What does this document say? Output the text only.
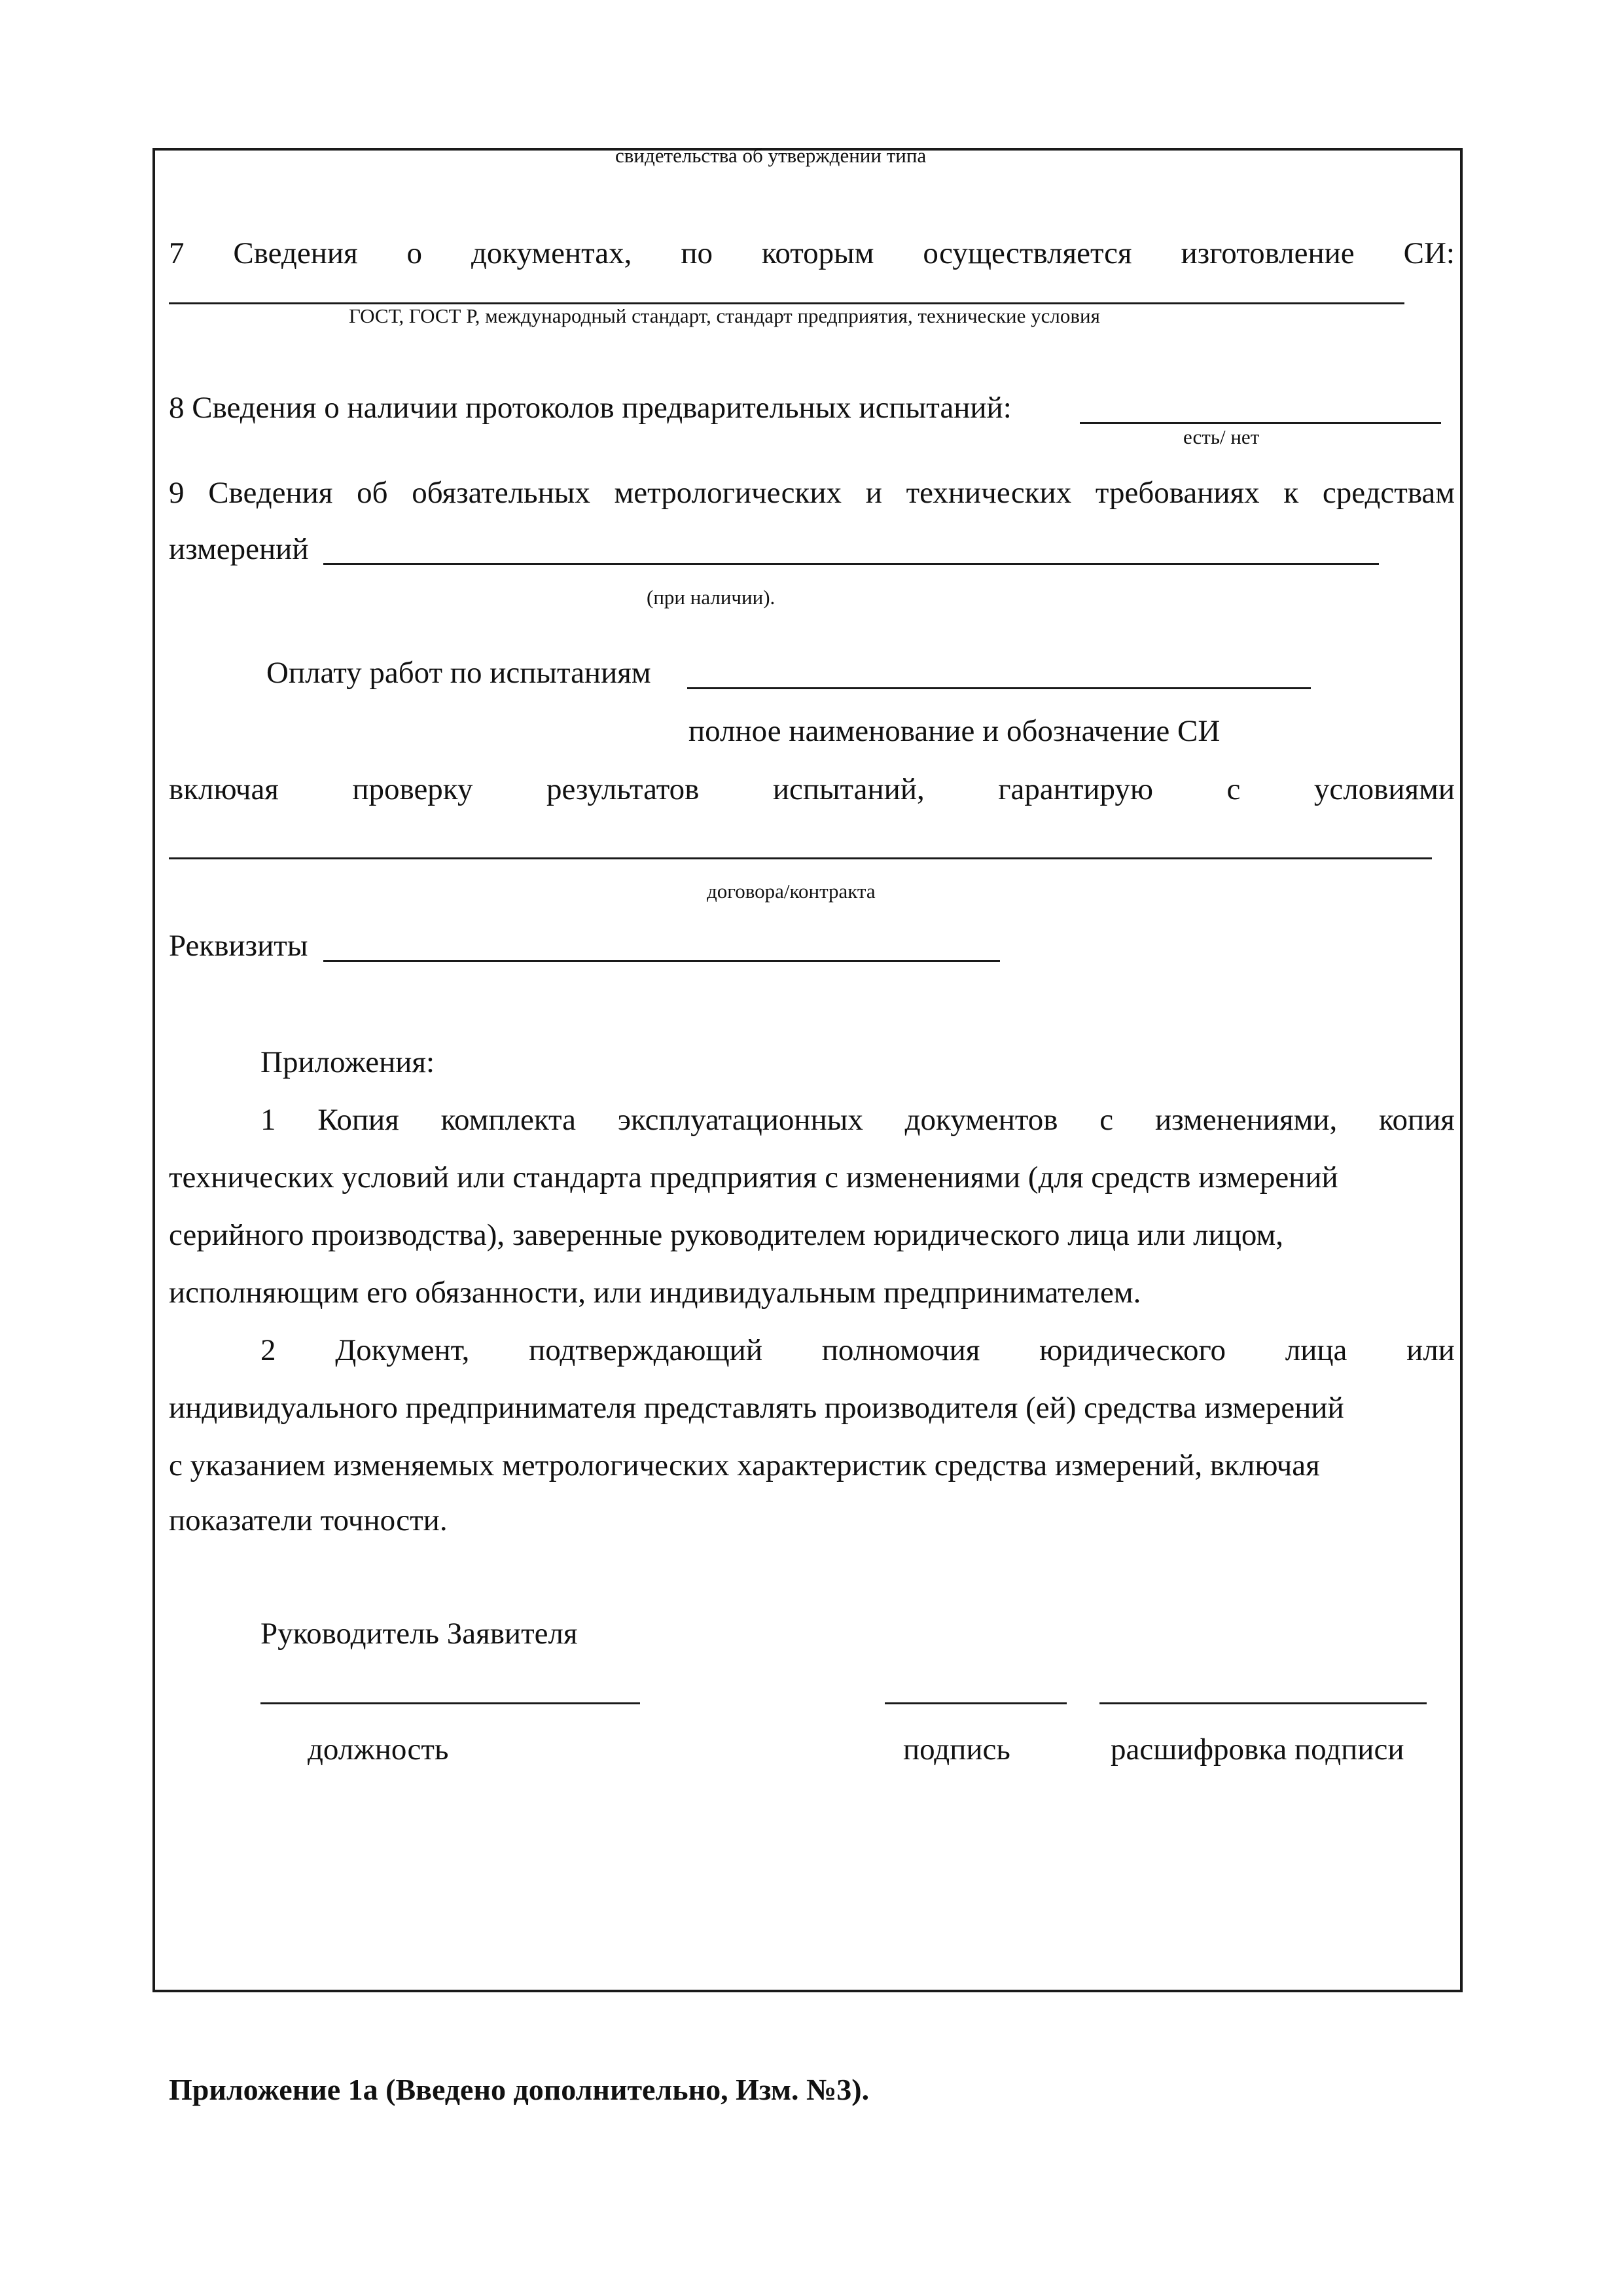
свидетельства об утверждении типа
7 Сведения о документах, по которым осуществляется изготовление СИ:
ГОСТ, ГОСТ Р, международный стандарт, стандарт предприятия, технические условия
8 Сведения о наличии протоколов предварительных испытаний:
есть/ нет
9 Сведения об обязательных метрологических и технических требованиях к средствам
измерений
(при наличии).
Оплату работ по испытаниям
полное наименование и обозначение СИ
включая проверку результатов испытаний, гарантирую с условиями
договора/контракта
Реквизиты
Приложения:
1 Копия комплекта эксплуатационных документов с изменениями, копия
технических условий или стандарта предприятия с изменениями (для средств измерений
серийного производства), заверенные руководителем юридического лица или лицом,
исполняющим его обязанности, или индивидуальным предпринимателем.
2 Документ, подтверждающий полномочия юридического лица или
индивидуального предпринимателя представлять производителя (ей) средства измерений
с указанием изменяемых метрологических характеристик средства измерений, включая
показатели точности.
Руководитель Заявителя
должность	подпись	расшифровка подписи
Приложение 1а (Введено дополнительно, Изм. №3).
